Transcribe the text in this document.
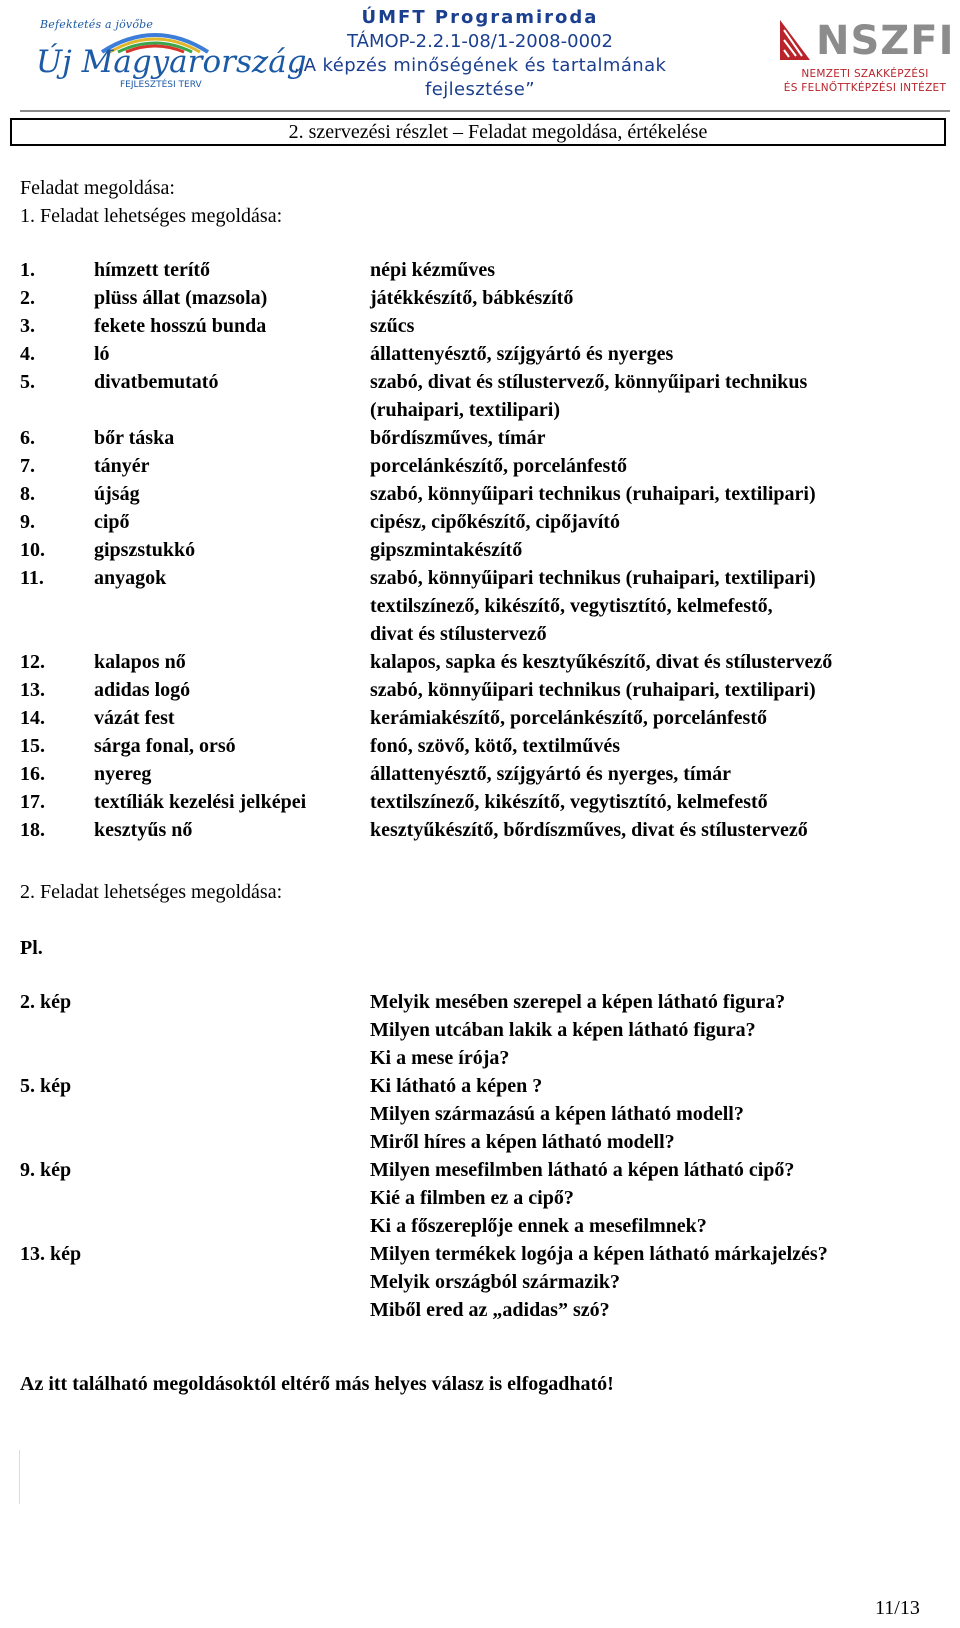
Befektetés a jövőbe
Új Magyarország
FEJLESZTÉSI TERV
ÚMFT Programiroda
TÁMOP-2.2.1-08/1-2008-0002
„A képzés minőségének és tartalmának
fejlesztése”
NSZFI
NEMZETI SZAKKÉPZÉSI
ÉS FELNŐTTKÉPZÉSI INTÉZET
2. szervezési részlet – Feladat megoldása, értékelése
Feladat megoldása:
1. Feladat lehetséges megoldása:
1.	hímzett terítő	népi kézműves
2.	plüss állat (mazsola)	játékkészítő, bábkészítő
3.	fekete hosszú bunda	szűcs
4.	ló	állattenyésztő, szíjgyártó és nyerges
5.	divatbemutató	szabó, divat és stílustervező, könnyűipari technikus
(ruhaipari, textilipari)
6.	bőr táska	bőrdíszműves, tímár
7.	tányér	porcelánkészítő, porcelánfestő
8.	újság	szabó, könnyűipari technikus (ruhaipari, textilipari)
9.	cipő	cipész, cipőkészítő, cipőjavító
10. gipszstukkó	gipszmintakészítő
11.	anyagok	szabó, könnyűipari technikus (ruhaipari, textilipari)
textilszínező, kikészítő, vegytisztító, kelmefestő,
divat és stílustervező
12. kalapos nő	kalapos, sapka és kesztyűkészítő, divat és stílustervező
13. adidas logó	szabó, könnyűipari technikus (ruhaipari, textilipari)
14. vázát fest	kerámiakészítő, porcelánkészítő, porcelánfestő
15. sárga fonal, orsó	fonó, szövő, kötő, textilművés
16. nyereg	állattenyésztő, szíjgyártó és nyerges, tímár
17. textíliák kezelési jelképei	textilszínező, kikészítő, vegytisztító, kelmefestő
18. kesztyűs nő	kesztyűkészítő, bőrdíszműves, divat és stílustervező
2. Feladat lehetséges megoldása:
Pl.
2. kép	Melyik mesében szerepel a képen látható figura?
Milyen utcában lakik a képen látható figura?
Ki a mese írója?
5. kép	Ki látható a képen ?
Milyen származású a képen látható modell?
Miről híres a képen látható modell?
9. kép	Milyen mesefilmben látható a képen látható cipő?
Kié a filmben ez a cipő?
Ki a főszereplője ennek a mesefilmnek?
13. kép	Milyen termékek logója a képen látható márkajelzés?
Melyik országból származik?
Miből ered az „adidas” szó?
Az itt található megoldásoktól eltérő más helyes válasz is elfogadható!
11/13
